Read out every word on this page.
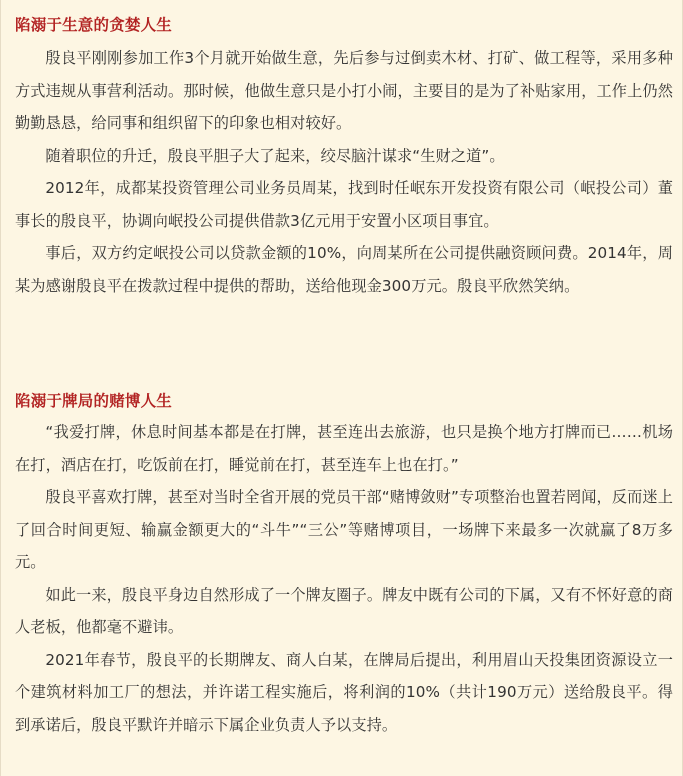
陷溺于生意的贪婪人生

殷良平刚刚参加工作3个月就开始做生意，先后参与过倒卖木材、打矿、做工程等，采用多种方式违规从事营利活动。那时候，他做生意只是小打小闹，主要目的是为了补贴家用，工作上仍然勤勤恳恳，给同事和组织留下的印象也相对较好。

随着职位的升迁，殷良平胆子大了起来，绞尽脑汁谋求“生财之道”。

2012年，成都某投资管理公司业务员周某，找到时任岷东开发投资有限公司（岷投公司）董事长的殷良平，协调向岷投公司提供借款3亿元用于安置小区项目事宜。

事后，双方约定岷投公司以贷款金额的10%，向周某所在公司提供融资顾问费。2014年，周某为感谢殷良平在拨款过程中提供的帮助，送给他现金300万元。殷良平欣然笑纳。

陷溺于牌局的赌博人生

“我爱打牌，休息时间基本都是在打牌，甚至连出去旅游，也只是换个地方打牌而已……机场在打，酒店在打，吃饭前在打，睡觉前在打，甚至连车上也在打。”

殷良平喜欢打牌，甚至对当时全省开展的党员干部“赌博敛财”专项整治也置若罔闻，反而迷上了回合时间更短、输赢金额更大的“斗牛”“三公”等赌博项目，一场牌下来最多一次就赢了8万多元。

如此一来，殷良平身边自然形成了一个牌友圈子。牌友中既有公司的下属，又有不怀好意的商人老板，他都毫不避讳。

2021年春节，殷良平的长期牌友、商人白某，在牌局后提出，利用眉山天投集团资源设立一个建筑材料加工厂的想法，并许诺工程实施后，将利润的10%（共计190万元）送给殷良平。得到承诺后，殷良平默许并暗示下属企业负责人予以支持。
